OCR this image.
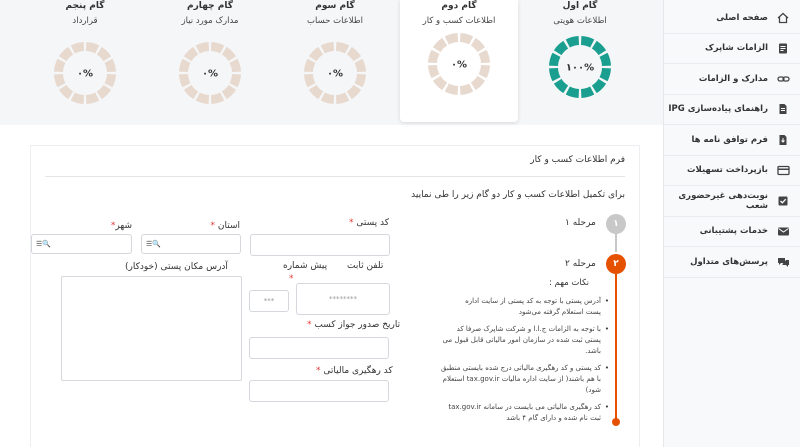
گام پنجم
قرارداد
۰%
گام چهارم
مدارک مورد نیاز
۰%
گام سوم
اطلاعات حساب
۰%
گام دوم
اطلاعات کسب و کار
۰%
گام اول
اطلاعات هویتی
۱۰۰%
صفحه اصلی
الزامات شاپرک
مدارک و الزامات
راهنمای پیاده‌سازی IPG
فرم توافق نامه ها
بازپرداخت تسهیلات
نوبت‌دهی غیرحضوری شعب
خدمات پشتیبانی
پرسش‌های متداول
فرم اطلاعات کسب و کار
برای تکمیل اطلاعات کسب و کار دو گام زیر را طی نمایید
کد پستی *
استان *
☰🔍
شهر*
☰🔍
آدرس مکان پستی (خودکار)	تلفن ثابت
پیش شماره
*
********
***
تاریخ صدور جواز کسب *
کد رهگیری مالیاتی *
۱
مرحله ۱
۲
مرحله ۲
نکات مهم :
• آدرس پستی با توجه به کد پستی از سایت اداره پست استعلام گرفته می‌شود
• با توجه به الزامات ج.ا.ا و شرکت شاپرک صرفا کد پستی ثبت شده در سازمان امور مالیاتی قابل قبول می باشد.
• کد پستی و کد رهگیری مالیاتی درج شده بایستی منطبق با هم باشند( از سایت اداره مالیات tax.gov.ir استعلام شود)
• کد رهگیری مالیاتی می بایست در سامانه tax.gov.ir ثبت نام شده و دارای گام ۴ باشد
